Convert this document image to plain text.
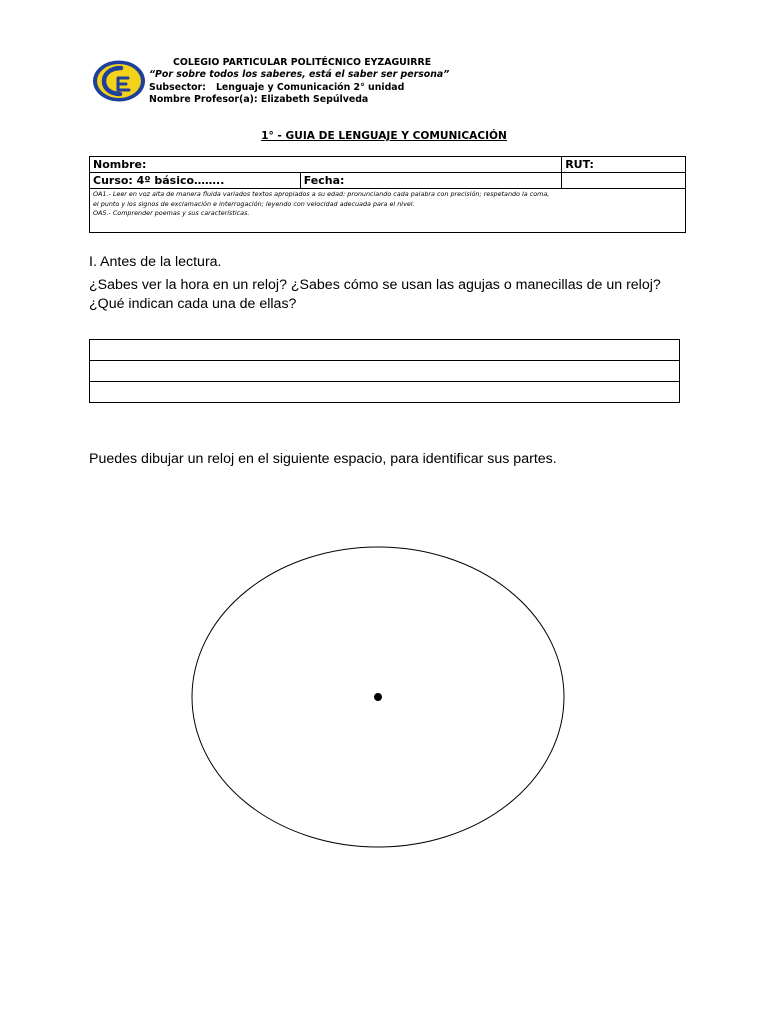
COLEGIO PARTICULAR POLITÉCNICO EYZAGUIRRE
“Por sobre todos los saberes, está el saber ser persona”
Subsector: Lenguaje y Comunicación 2° unidad
Nombre Profesor(a): Elizabeth Sepúlveda
1° - GUIA DE LENGUAJE Y COMUNICACIÓN
Nombre:		RUT:
Curso: 4º básico……..	Fecha:	

OA1.- Leer en voz alta de manera fluida variados textos apropiados a su edad: pronunciando cada palabra con precisión; respetando la coma,
el punto y los signos de exclamación e interrogación; leyendo con velocidad adecuada para el nivel.
OA5.- Comprender poemas y sus características.		
I. Antes de la lectura.
¿Sabes ver la hora en un reloj? ¿Sabes cómo se usan las agujas o manecillas de un reloj? ¿Qué indican cada una de ellas?

Puedes dibujar un reloj en el siguiente espacio, para identificar sus partes.
